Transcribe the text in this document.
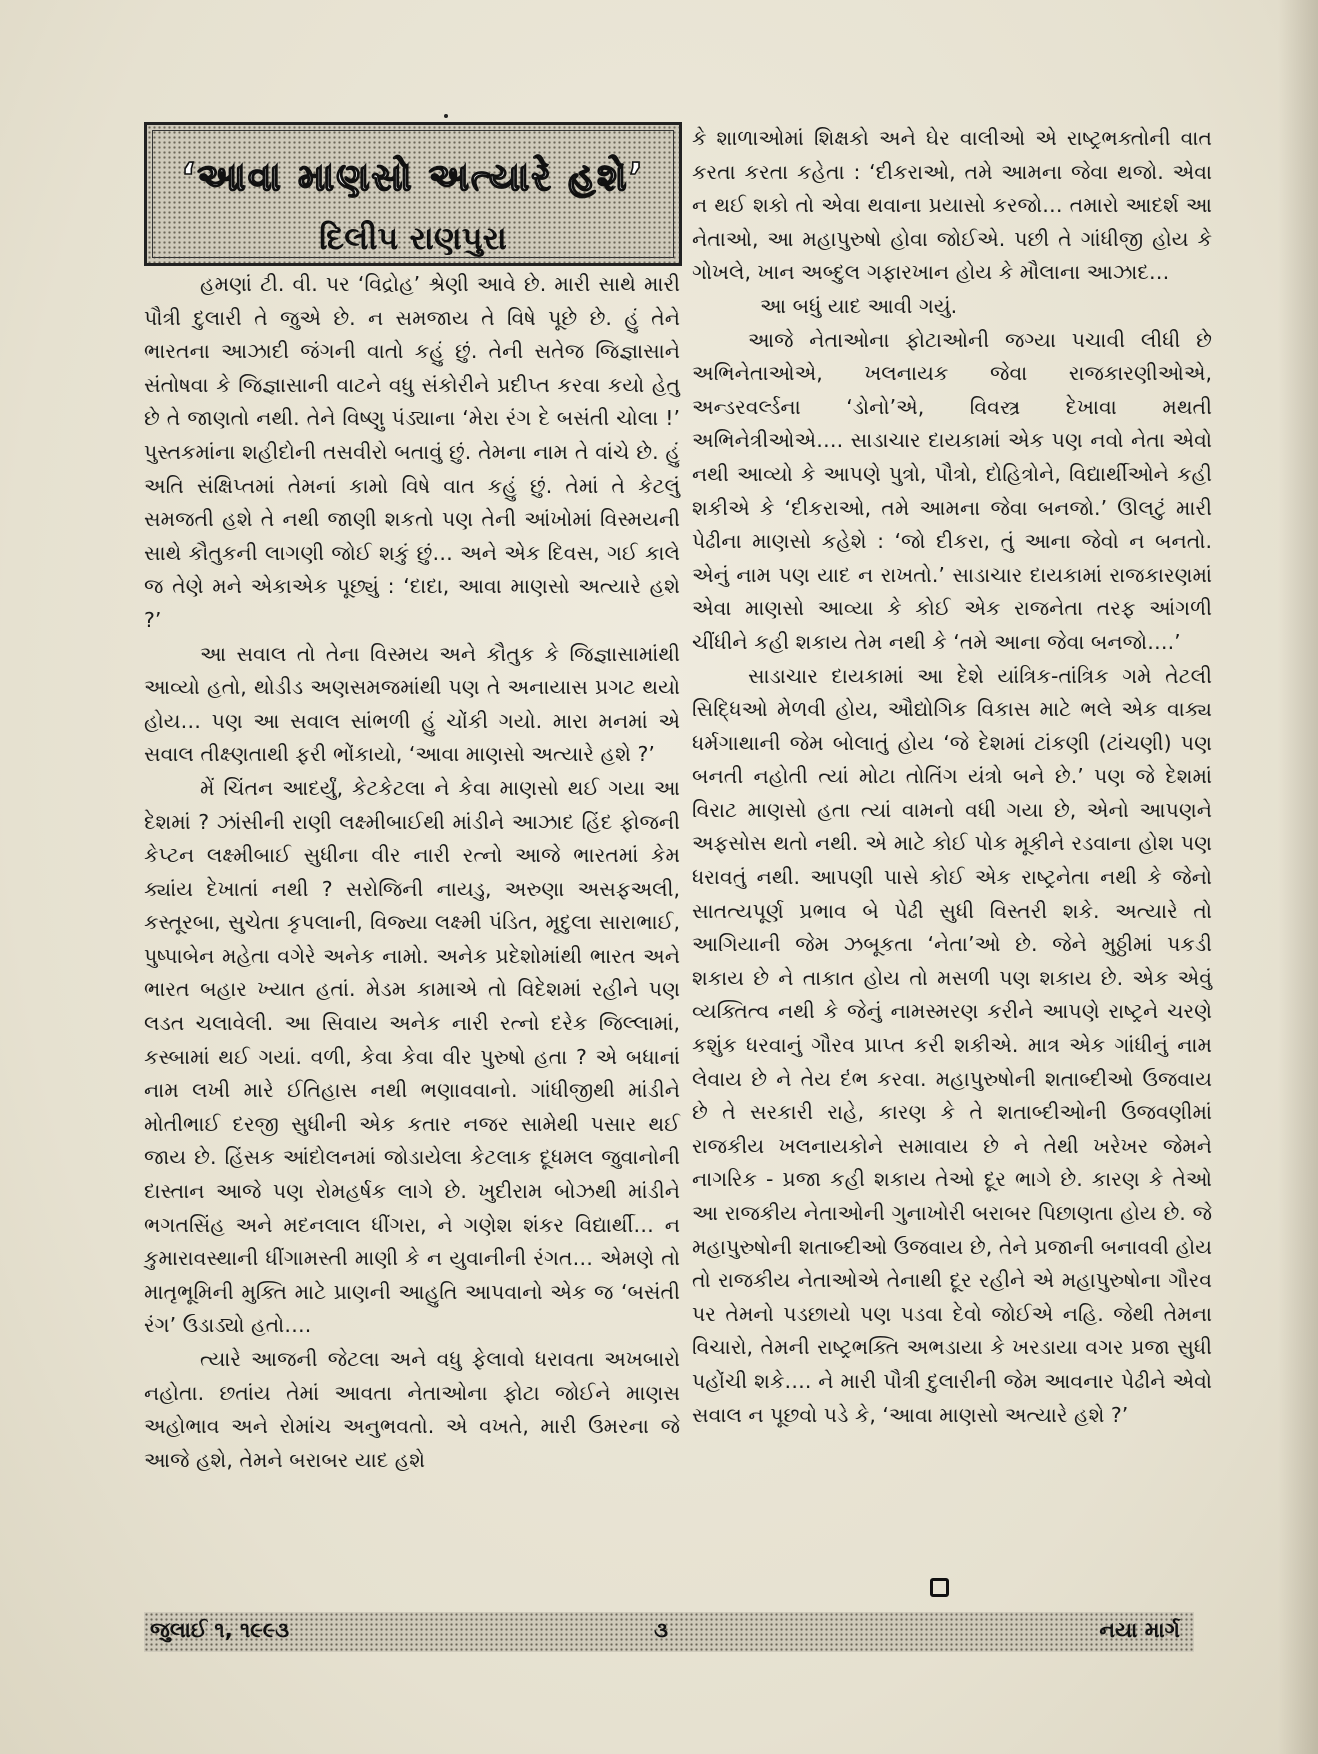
‘આવા માણસો અત્યારે હશે’
દિલીપ રાણપુરા

હમણાં ટી. વી. પર ‘વિદ્રોહ’ શ્રેણી આવે છે. મારી સાથે મારી પૌત્રી દુલારી તે જુએ છે. ન સમજાય તે વિષે પૂછે છે. હું તેને ભારતના આઝાદી જંગની વાતો કહું છું. તેની સતેજ જિજ્ઞાસાને સંતોષવા કે જિજ્ઞાસાની વાટને વધુ સંકોરીને પ્રદીપ્ત કરવા કયો હેતુ છે તે જાણતો નથી. તેને વિષ્ણુ પંડ્યાના ‘મેરા રંગ દે બસંતી ચોલા !’ પુસ્તકમાંના શહીદોની તસવીરો બતાવું છું. તેમના નામ તે વાંચે છે. હું અતિ સંક્ષિપ્તમાં તેમનાં કામો વિષે વાત કહું છું. તેમાં તે કેટલું સમજતી હશે તે નથી જાણી શકતો પણ તેની આંખોમાં વિસ્મયની સાથે કૌતુકની લાગણી જોઈ શકું છું… અને એક દિવસ, ગઈ કાલે જ તેણે મને એકાએક પૂછ્યું : ‘દાદા, આવા માણસો અત્યારે હશે ?’

આ સવાલ તો તેના વિસ્મય અને કૌતુક કે જિજ્ઞાસામાંથી આવ્યો હતો, થોડીડ અણસમજમાંથી પણ તે અનાયાસ પ્રગટ થયો હોય… પણ આ સવાલ સાંભળી હું ચોંકી ગયો. મારા મનમાં એ સવાલ તીક્ષ્ણતાથી ફરી ભોંકાયો, ‘આવા માણસો અત્યારે હશે ?’

મેં ચિંતન આદર્યું, કેટકેટલા ને કેવા માણસો થઈ ગયા આ દેશમાં ? ઝાંસીની રાણી લક્ષ્મીબાઈથી માંડીને આઝાદ હિંદ ફોજની કેપ્ટન લક્ષ્મીબાઈ સુધીના વીર નારી રત્નો આજે ભારતમાં કેમ ક્યાંય દેખાતાં નથી ? સરોજિની નાયડુ, અરુણા અસફઅલી, કસ્તૂરબા, સુચેતા કૃપલાની, વિજ્યા લક્ષ્મી પંડિત, મૃદુલા સારાભાઈ, પુષ્પાબેન મહેતા વગેરે અનેક નામો. અનેક પ્રદેશોમાંથી ભારત અને ભારત બહાર ખ્યાત હતાં. મેડમ કામાએ તો વિદેશમાં રહીને પણ લડત ચલાવેલી. આ સિવાય અનેક નારી રત્નો દરેક જિલ્લામાં, કસ્બામાં થઈ ગયાં. વળી, કેવા કેવા વીર પુરુષો હતા ? એ બધાનાં નામ લખી મારે ઈતિહાસ નથી ભણાવવાનો. ગાંધીજીથી માંડીને મોતીભાઈ દરજી સુધીની એક કતાર નજર સામેથી પસાર થઈ જાય છે. હિંસક આંદોલનમાં જોડાયેલા કેટલાક દૂધમલ જુવાનોની દાસ્તાન આજે પણ રોમહર્ષક લાગે છે. ખુદીરામ બોઝથી માંડીને ભગતસિંહ અને મદનલાલ ધીંગરા, ને ગણેશ શંકર વિદ્યાર્થી… ન કુમારાવસ્થાની ધીંગામસ્તી માણી કે ન યુવાનીની રંગત… એમણે તો માતૃભૂમિની મુક્તિ માટે પ્રાણની આહુતિ આપવાનો એક જ ‘બસંતી રંગ’ ઉડાડ્યો હતો….

ત્યારે આજની જેટલા અને વધુ ફેલાવો ધરાવતા અખબારો નહોતા. છતાંય તેમાં આવતા નેતાઓના ફોટા જોઈને માણસ અહોભાવ અને રોમાંચ અનુભવતો. એ વખતે, મારી ઉમરના જે આજે હશે, તેમને બરાબર યાદ હશે

કે શાળાઓમાં શિક્ષકો અને ઘેર વાલીઓ એ રાષ્ટ્રભક્તોની વાત કરતા કરતા કહેતા : ‘દીકરાઓ, તમે આમના જેવા થજો. એવા ન થઈ શકો તો એવા થવાના પ્રયાસો કરજો… તમારો આદર્શ આ નેતાઓ, આ મહાપુરુષો હોવા જોઈએ. પછી તે ગાંધીજી હોય કે ગોખલે, ખાન અબ્દુલ ગફારખાન હોય કે મૌલાના આઝાદ…

આ બધું યાદ આવી ગયું.

આજે નેતાઓના ફોટાઓની જગ્યા પચાવી લીધી છે અભિનેતાઓએ, ખલનાયક જેવા રાજકારણીઓએ, અન્ડરવર્લ્ડના ‘ડોનો’એ, વિવસ્ત્ર દેખાવા મથતી અભિનેત્રીઓએ…. સાડાચાર દાયકામાં એક પણ નવો નેતા એવો નથી આવ્યો કે આપણે પુત્રો, પૌત્રો, દોહિત્રોને, વિદ્યાર્થીઓને કહી શકીએ કે ‘દીકરાઓ, તમે આમના જેવા બનજો.’ ઊલટું મારી પેઢીના માણસો કહેશે : ‘જો દીકરા, તું આના જેવો ન બનતો. એનું નામ પણ યાદ ન રાખતો.’ સાડાચાર દાયકામાં રાજકારણમાં એવા માણસો આવ્યા કે કોઈ એક રાજનેતા તરફ આંગળી ચીંધીને કહી શકાય તેમ નથી કે ‘તમે આના જેવા બનજો….’

સાડાચાર દાયકામાં આ દેશે યાંત્રિક-તાંત્રિક ગમે તેટલી સિદ્ધિઓ મેળવી હોય, ઔદ્યોગિક વિકાસ માટે ભલે એક વાક્ય ધર્મગાથાની જેમ બોલાતું હોય ‘જે દેશમાં ટાંકણી (ટાંચણી) પણ બનતી નહોતી ત્યાં મોટા તોતિંગ યંત્રો બને છે.’ પણ જે દેશમાં વિરાટ માણસો હતા ત્યાં વામનો વધી ગયા છે, એનો આપણને અફસોસ થતો નથી. એ માટે કોઈ પોક મૂકીને રડવાના હોશ પણ ધરાવતું નથી. આપણી પાસે કોઈ એક રાષ્ટ્રનેતા નથી કે જેનો સાતત્યપૂર્ણ પ્રભાવ બે પેઢી સુધી વિસ્તરી શકે. અત્યારે તો આગિયાની જેમ ઝબૂકતા ‘નેતા’ઓ છે. જેને મુઠ્ઠીમાં પકડી શકાય છે ને તાકાત હોય તો મસળી પણ શકાય છે. એક એવું વ્યક્તિત્વ નથી કે જેનું નામસ્મરણ કરીને આપણે રાષ્ટ્રને ચરણે કશુંક ધરવાનું ગૌરવ પ્રાપ્ત કરી શકીએ. માત્ર એક ગાંધીનું નામ લેવાય છે ને તેય દંભ કરવા. મહાપુરુષોની શતાબ્દીઓ ઉજવાય છે તે સરકારી રાહે, કારણ કે તે શતાબ્દીઓની ઉજવણીમાં રાજકીય ખલનાયકોને સમાવાય છે ને તેથી ખરેખર જેમને નાગરિક - પ્રજા કહી શકાય તેઓ દૂર ભાગે છે. કારણ કે તેઓ આ રાજકીય નેતાઓની ગુનાખોરી બરાબર પિછાણતા હોય છે. જે મહાપુરુષોની શતાબ્દીઓ ઉજવાય છે, તેને પ્રજાની બનાવવી હોય તો રાજકીય નેતાઓએ તેનાથી દૂર રહીને એ મહાપુરુષોના ગૌરવ પર તેમનો પડછાયો પણ પડવા દેવો જોઈએ નહિ. જેથી તેમના વિચારો, તેમની રાષ્ટ્રભક્તિ અભડાયા કે ખરડાયા વગર પ્રજા સુધી પહોંચી શકે…. ને મારી પૌત્રી દુલારીની જેમ આવનાર પેઢીને એવો સવાલ ન પૂછવો પડે કે, ‘આવા માણસો અત્યારે હશે ?’

જુલાઈ ૧, ૧૯૯૩	૩	નયા માર્ગ
